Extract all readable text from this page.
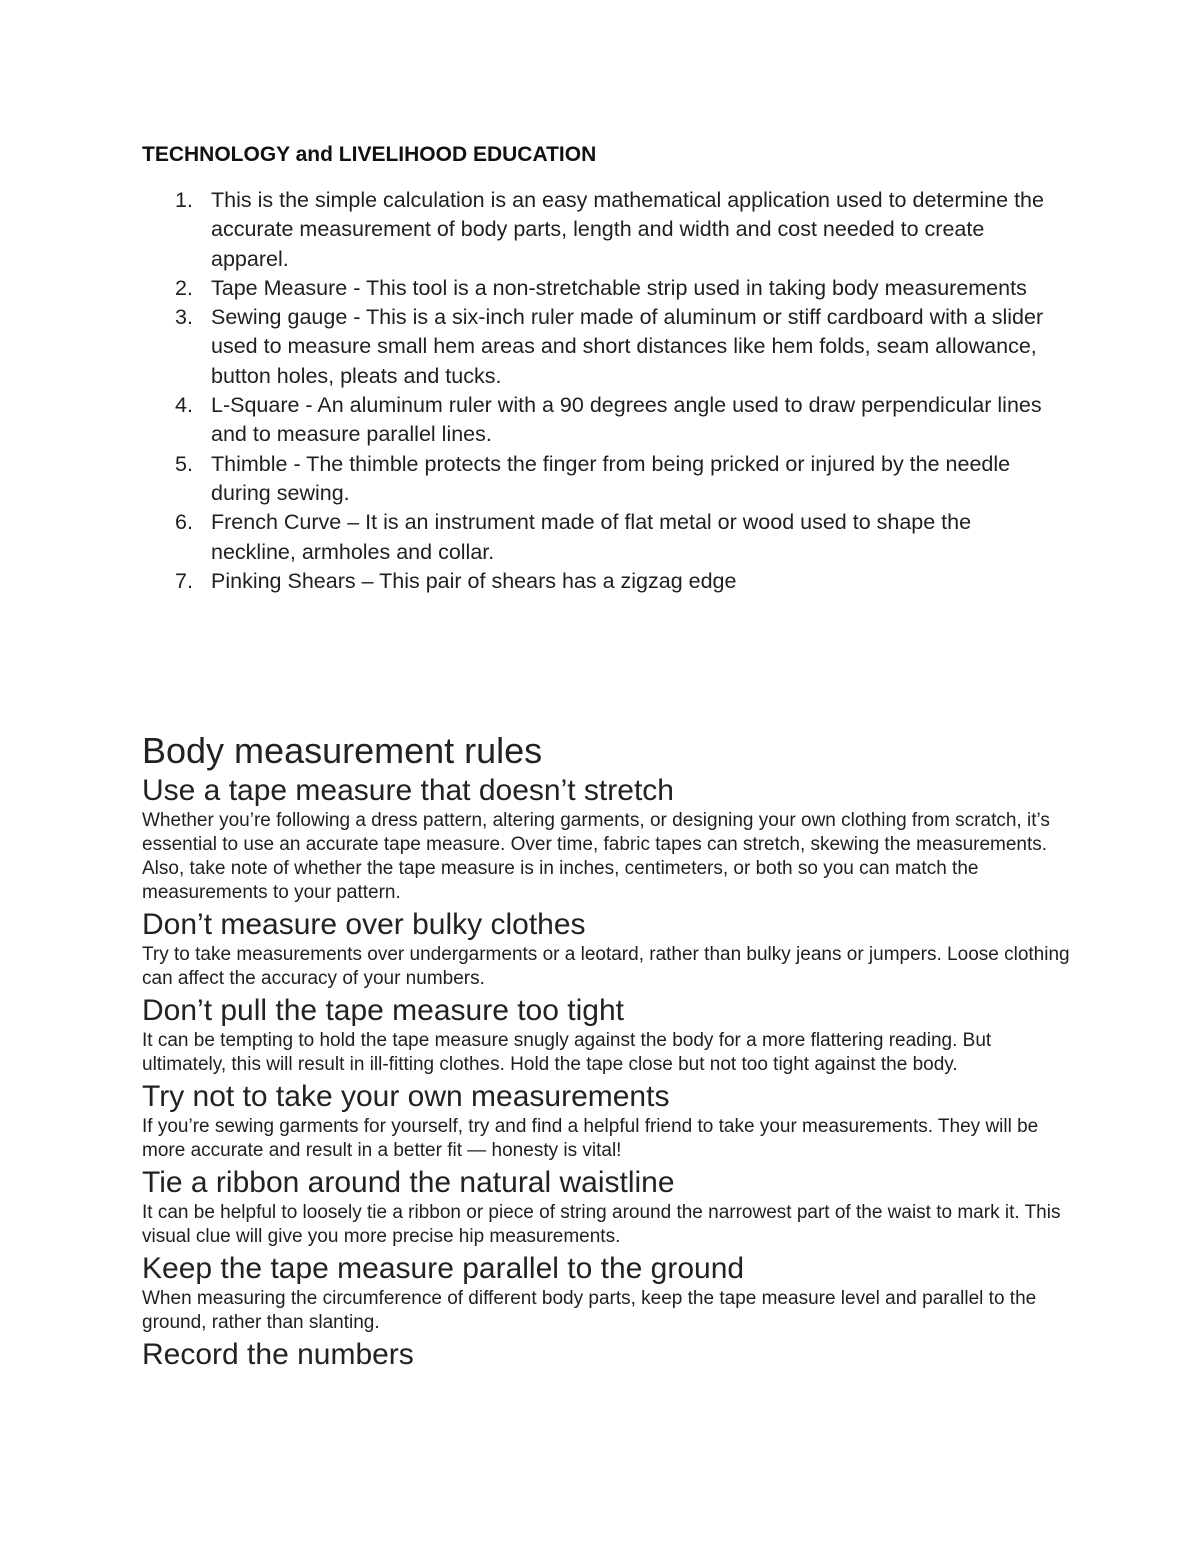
TECHNOLOGY and LIVELIHOOD EDUCATION
1. This is the simple calculation is an easy mathematical application used to determine the accurate measurement of body parts, length and width and cost needed to create apparel.
2. Tape Measure - This tool is a non-stretchable strip used in taking body measurements
3. Sewing gauge - This is a six-inch ruler made of aluminum or stiff cardboard with a slider used to measure small hem areas and short distances like hem folds, seam allowance, button holes, pleats and tucks.
4. L-Square - An aluminum ruler with a 90 degrees angle used to draw perpendicular lines and to measure parallel lines.
5. Thimble - The thimble protects the finger from being pricked or injured by the needle during sewing.
6. French Curve – It is an instrument made of flat metal or wood used to shape the neckline, armholes and collar.
7. Pinking Shears – This pair of shears has a zigzag edge
Body measurement rules
Use a tape measure that doesn’t stretch

Whether you’re following a dress pattern, altering garments, or designing your own clothing from scratch, it’s essential to use an accurate tape measure. Over time, fabric tapes can stretch, skewing the measurements. Also, take note of whether the tape measure is in inches, centimeters, or both so you can match the measurements to your pattern.

Don’t measure over bulky clothes

Try to take measurements over undergarments or a leotard, rather than bulky jeans or jumpers. Loose clothing can affect the accuracy of your numbers.

Don’t pull the tape measure too tight

It can be tempting to hold the tape measure snugly against the body for a more flattering reading. But ultimately, this will result in ill-fitting clothes. Hold the tape close but not too tight against the body.

Try not to take your own measurements

If you’re sewing garments for yourself, try and find a helpful friend to take your measurements. They will be more accurate and result in a better fit — honesty is vital!

Tie a ribbon around the natural waistline

It can be helpful to loosely tie a ribbon or piece of string around the narrowest part of the waist to mark it. This visual clue will give you more precise hip measurements.

Keep the tape measure parallel to the ground

When measuring the circumference of different body parts, keep the tape measure level and parallel to the ground, rather than slanting.

Record the numbers
